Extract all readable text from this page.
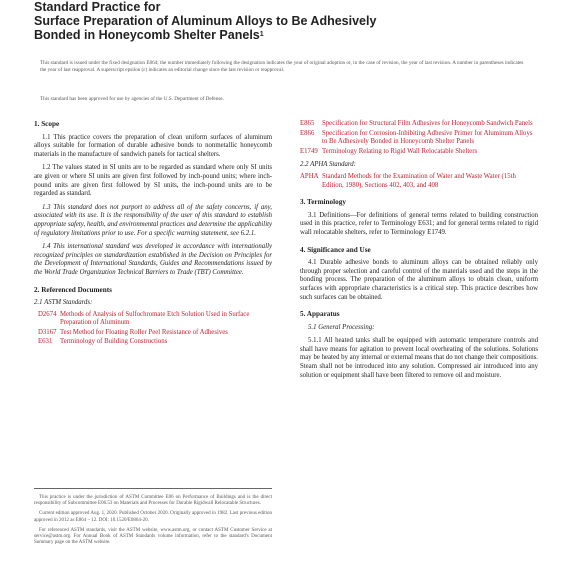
Standard Practice for
Surface Preparation of Aluminum Alloys to Be Adhesively
Bonded in Honeycomb Shelter Panels$^1$
This standard is issued under the fixed designation E864; the number immediately following the designation indicates the year of original adoption or, in the case of revision, the year of last revision. A number in parentheses indicates the year of last reapproval. A superscript epsilon (ε) indicates an editorial change since the last revision or reapproval.
This standard has been approved for use by agencies of the U.S. Department of Defense.
1. Scope
1.1 This practice covers the preparation of clean uniform surfaces of aluminum alloys suitable for formation of durable adhesive bonds to nonmetallic honeycomb materials in the manufacture of sandwich panels for tactical shelters.
1.2 The values stated in SI units are to be regarded as standard where only SI units are given or where SI units are given first followed by inch-pound units; where inch-pound units are given first followed by SI units, the inch-pound units are to be regarded as standard.
1.3 This standard does not purport to address all of the safety concerns, if any, associated with its use. It is the responsibility of the user of this standard to establish appropriate safety, health, and environmental practices and determine the applicability of regulatory limitations prior to use. For a specific warning statement, see 6.2.1.
1.4 This international standard was developed in accordance with internationally recognized principles on standardization established in the Decision on Principles for the Development of International Standards, Guides and Recommendations issued by the World Trade Organization Technical Barriers to Trade (TBT) Committee.
2. Referenced Documents
2.1 ASTM Standards:
D2674 Methods of Analysis of Sulfochromate Etch Solution Used in Surface Preparation of Aluminum
D3167 Test Method for Floating Roller Peel Resistance of Adhesives
E631	Terminology of Building Constructions
This practice is under the jurisdiction of ASTM Committee E06 on Performance of Buildings and is the direct responsibility of Subcommittee E06.53 on Materials and Processes for Durable Rigidwall Relocatable Structures.
Current edition approved Aug. 1, 2020. Published October 2020. Originally approved in 1982. Last previous edition approved in 2012 as E864 – 12. DOI: 10.1520/E0864-20.
For referenced ASTM standards, visit the ASTM website, www.astm.org, or contact ASTM Customer Service at service@astm.org. For Annual Book of ASTM Standards volume information, refer to the standard's Document Summary page on the ASTM website.
E865	Specification for Structural Film Adhesives for Honeycomb Sandwich Panels
E866	Specification for Corrosion-Inhibiting Adhesive Primer for Aluminum Alloys to Be Adhesively Bonded in Honeycomb Shelter Panels
E1749 Terminology Relating to Rigid Wall Relocatable Shelters
2.2 APHA Standard:
APHA Standard Methods for the Examination of Water and Waste Water (15th Edition, 1980), Sections 402, 403, and 408
3. Terminology
3.1 Definitions—For definitions of general terms related to building construction used in this practice, refer to Terminology E631; and for general terms related to rigid wall relocatable shelters, refer to Terminology E1749.
4. Significance and Use
4.1 Durable adhesive bonds to aluminum alloys can be obtained reliably only through proper selection and careful control of the materials used and the steps in the bonding process. The preparation of the aluminum alloys to obtain clean, uniform surfaces with appropriate characteristics is a critical step. This practice describes how such surfaces can be obtained.
5. Apparatus
5.1 General Processing:
5.1.1 All heated tanks shall be equipped with automatic temperature controls and shall have means for agitation to prevent local overheating of the solutions. Solutions may be heated by any internal or external means that do not change their compositions. Steam shall not be introduced into any solution. Compressed air introduced into any solution or equipment shall have been filtered to remove oil and moisture.
